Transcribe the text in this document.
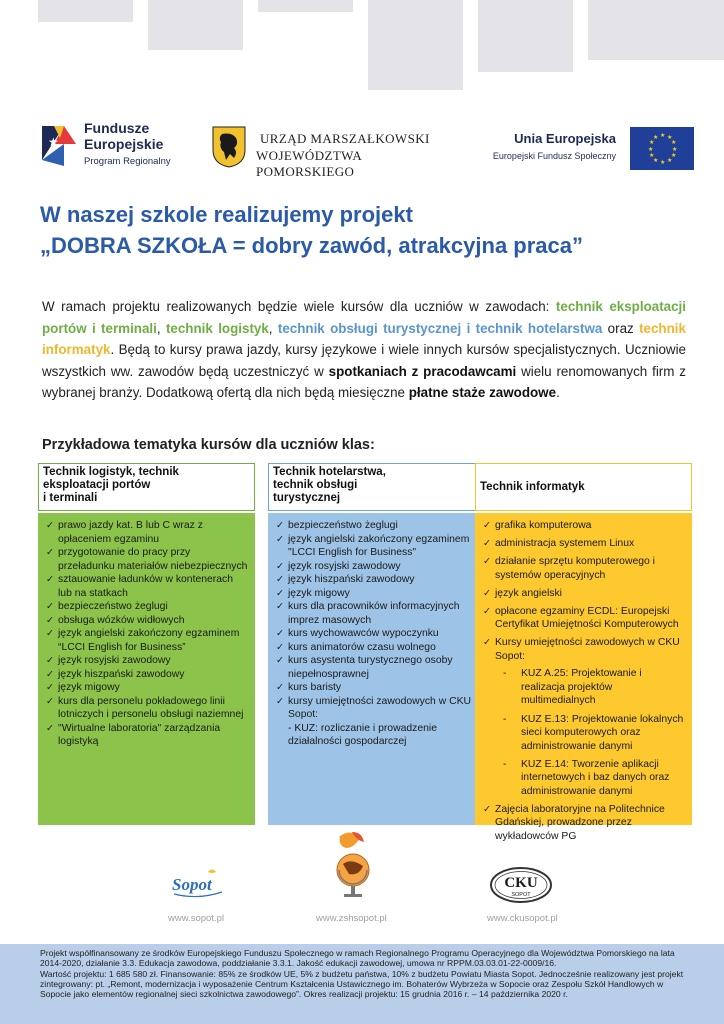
★
Fundusze
Europejskie
Program Regionalny
URZĄD MARSZAŁKOWSKI
WOJEWÓDZTWA POMORSKIEGO
Unia Europejska
Europejski Fundusz Społeczny
★ ★
★
★
★
★
★
★
★
★
★
★
W naszej szkole realizujemy projekt
„DOBRA SZKOŁA = dobry zawód, atrakcyjna praca”
W ramach projektu realizowanych będzie wiele kursów dla uczniów w zawodach: technik eksploatacji portów i terminali, technik logistyk, technik obsługi turystycznej i technik hotelarstwa oraz technik informatyk. Będą to kursy prawa jazdy, kursy językowe i wiele innych kursów specjalistycznych. Uczniowie wszystkich ww. zawodów będą uczestniczyć w spotkaniach z pracodawcami wielu renomowanych firm z wybranej branży. Dodatkową ofertą dla nich będą miesięczne płatne staże zawodowe.
Przykładowa tematyka kursów dla uczniów klas:
Technik logistyk, technik
eksploatacji portów
i terminali
✓ prawo jazdy kat. B lub C wraz z opłaceniem egzaminu
✓ przygotowanie do pracy przy przeładunku materiałów niebezpiecznych
✓ sztauowanie ładunków w kontenerach lub na statkach
✓ bezpieczeństwo żeglugi
✓ obsługa wózków widłowych
✓ język angielski zakończony egzaminem “LCCI English for Business”
✓ język rosyjski zawodowy
✓ język hiszpański zawodowy
✓ język migowy
✓ kurs dla personelu pokładowego linii lotniczych i personelu obsługi naziemnej
✓ "Wirtualne laboratoria" zarządzania logistyką
Technik hotelarstwa,
technik obsługi
turystycznej
✓ bezpieczeństwo żeglugi
✓ język angielski zakończony egzaminem "LCCI English for Business"
✓ język rosyjski zawodowy
✓ język hiszpański zawodowy
✓ język migowy
✓ kurs dla pracowników informacyjnych imprez masowych
✓ kurs wychowawców wypoczynku
✓ kurs animatorów czasu wolnego
✓ kurs asystenta turystycznego osoby niepełnosprawnej
✓ kurs baristy
✓ kursy umiejętności zawodowych w CKU Sopot:
- KUZ: rozliczanie i prowadzenie działalności gospodarczej
Technik informatyk
✓ grafika komputerowa
✓ administracja systemem Linux
✓ działanie sprzętu komputerowego i systemów operacyjnych
✓ język angielski
✓ opłacone egzaminy ECDL: Europejski Certyfikat Umiejętności Komputerowych
✓ Kursy umiejętności zawodowych w CKU Sopot:
- KUZ A.25: Projektowanie i realizacja projektów multimedialnych
- KUZ E.13: Projektowanie lokalnych sieci komputerowych oraz administrowanie danymi
- KUZ E.14: Tworzenie aplikacji internetowych i baz danych oraz administrowanie danymi
✓ Zajęcia laboratoryjne na Politechnice Gdańskiej, prowadzone przez wykładowców PG
Sopot	CKU
SOPOT
www.sopot.pl	www.zshsopot.pl	www.ckusopot.pl

Projekt współfinansowany ze środków Europejskiego Funduszu Społecznego w ramach Regionalnego Programu Operacyjnego dla Województwa Pomorskiego na lata 2014-2020, działanie 3.3. Edukacja zawodowa, poddziałanie 3.3.1. Jakość edukacji zawodowej, umowa nr RPPM.03.03.01-22-0009/16.

Wartość projektu: 1 685 580 zł. Finansowanie: 85% ze środków UE, 5% z budżetu państwa, 10% z budżetu Powiatu Miasta Sopot. Jednocześnie realizowany jest projekt zintegrowany: pt. „Remont, modernizacja i wyposażenie Centrum Kształcenia Ustawicznego im. Bohaterów Wybrzeża w Sopocie oraz Zespołu Szkół Handlowych w Sopocie jako elementów regionalnej sieci szkolnictwa zawodowego”. Okres realizacji projektu: 15 grudnia 2016 r. – 14 października 2020 r.
